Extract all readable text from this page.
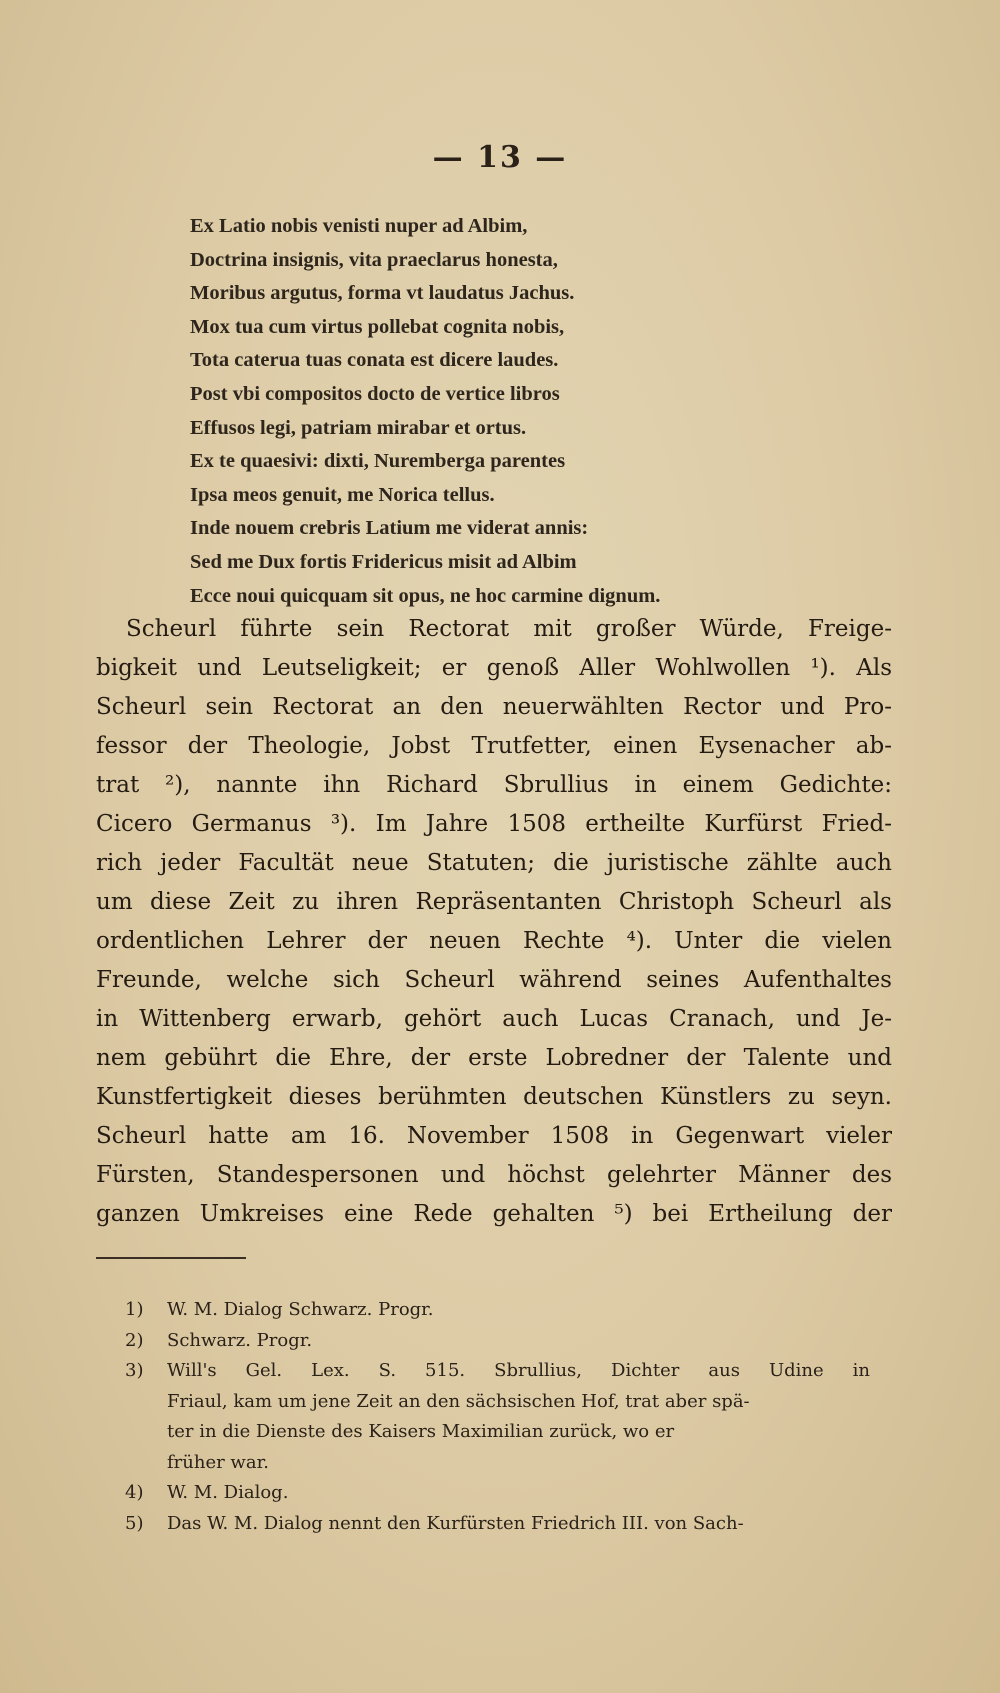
— 13 —
Ex Latio nobis venisti nuper ad Albim,
Doctrina insignis, vita praeclarus honesta,
Moribus argutus, forma vt laudatus Jachus.
Mox tua cum virtus pollebat cognita nobis,
Tota caterua tuas conata est dicere laudes.
Post vbi compositos docto de vertice libros
Effusos legi, patriam mirabar et ortus.
Ex te quaesivi: dixti, Nuremberga parentes
Ipsa meos genuit, me Norica tellus.
Inde nouem crebris Latium me viderat annis:
Sed me Dux fortis Fridericus misit ad Albim
Ecce noui quicquam sit opus, ne hoc carmine dignum.
Scheurl führte sein Rectorat mit großer Würde, Freige-
bigkeit und Leutseligkeit; er genoß Aller Wohlwollen ¹). Als
Scheurl sein Rectorat an den neuerwählten Rector und Pro-
fessor der Theologie, Jobst Trutfetter, einen Eysenacher ab-
trat ²), nannte ihn Richard Sbrullius in einem Gedichte:
Cicero Germanus ³). Im Jahre 1508 ertheilte Kurfürst Fried-
rich jeder Facultät neue Statuten; die juristische zählte auch
um diese Zeit zu ihren Repräsentanten Christoph Scheurl als
ordentlichen Lehrer der neuen Rechte ⁴). Unter die vielen
Freunde, welche sich Scheurl während seines Aufenthaltes
in Wittenberg erwarb, gehört auch Lucas Cranach, und Je-
nem gebührt die Ehre, der erste Lobredner der Talente und
Kunstfertigkeit dieses berühmten deutschen Künstlers zu seyn.
Scheurl hatte am 16. November 1508 in Gegenwart vieler
Fürsten, Standespersonen und höchst gelehrter Männer des
ganzen Umkreises eine Rede gehalten ⁵) bei Ertheilung der
1) W. M. Dialog Schwarz. Progr.
2) Schwarz. Progr.
3) Will's Gel. Lex. S. 515. Sbrullius, Dichter aus Udine in
Friaul, kam um jene Zeit an den sächsischen Hof, trat aber spä-
ter in die Dienste des Kaisers Maximilian zurück, wo er
früher war.
4) W. M. Dialog.
5) Das W. M. Dialog nennt den Kurfürsten Friedrich III. von Sach-
